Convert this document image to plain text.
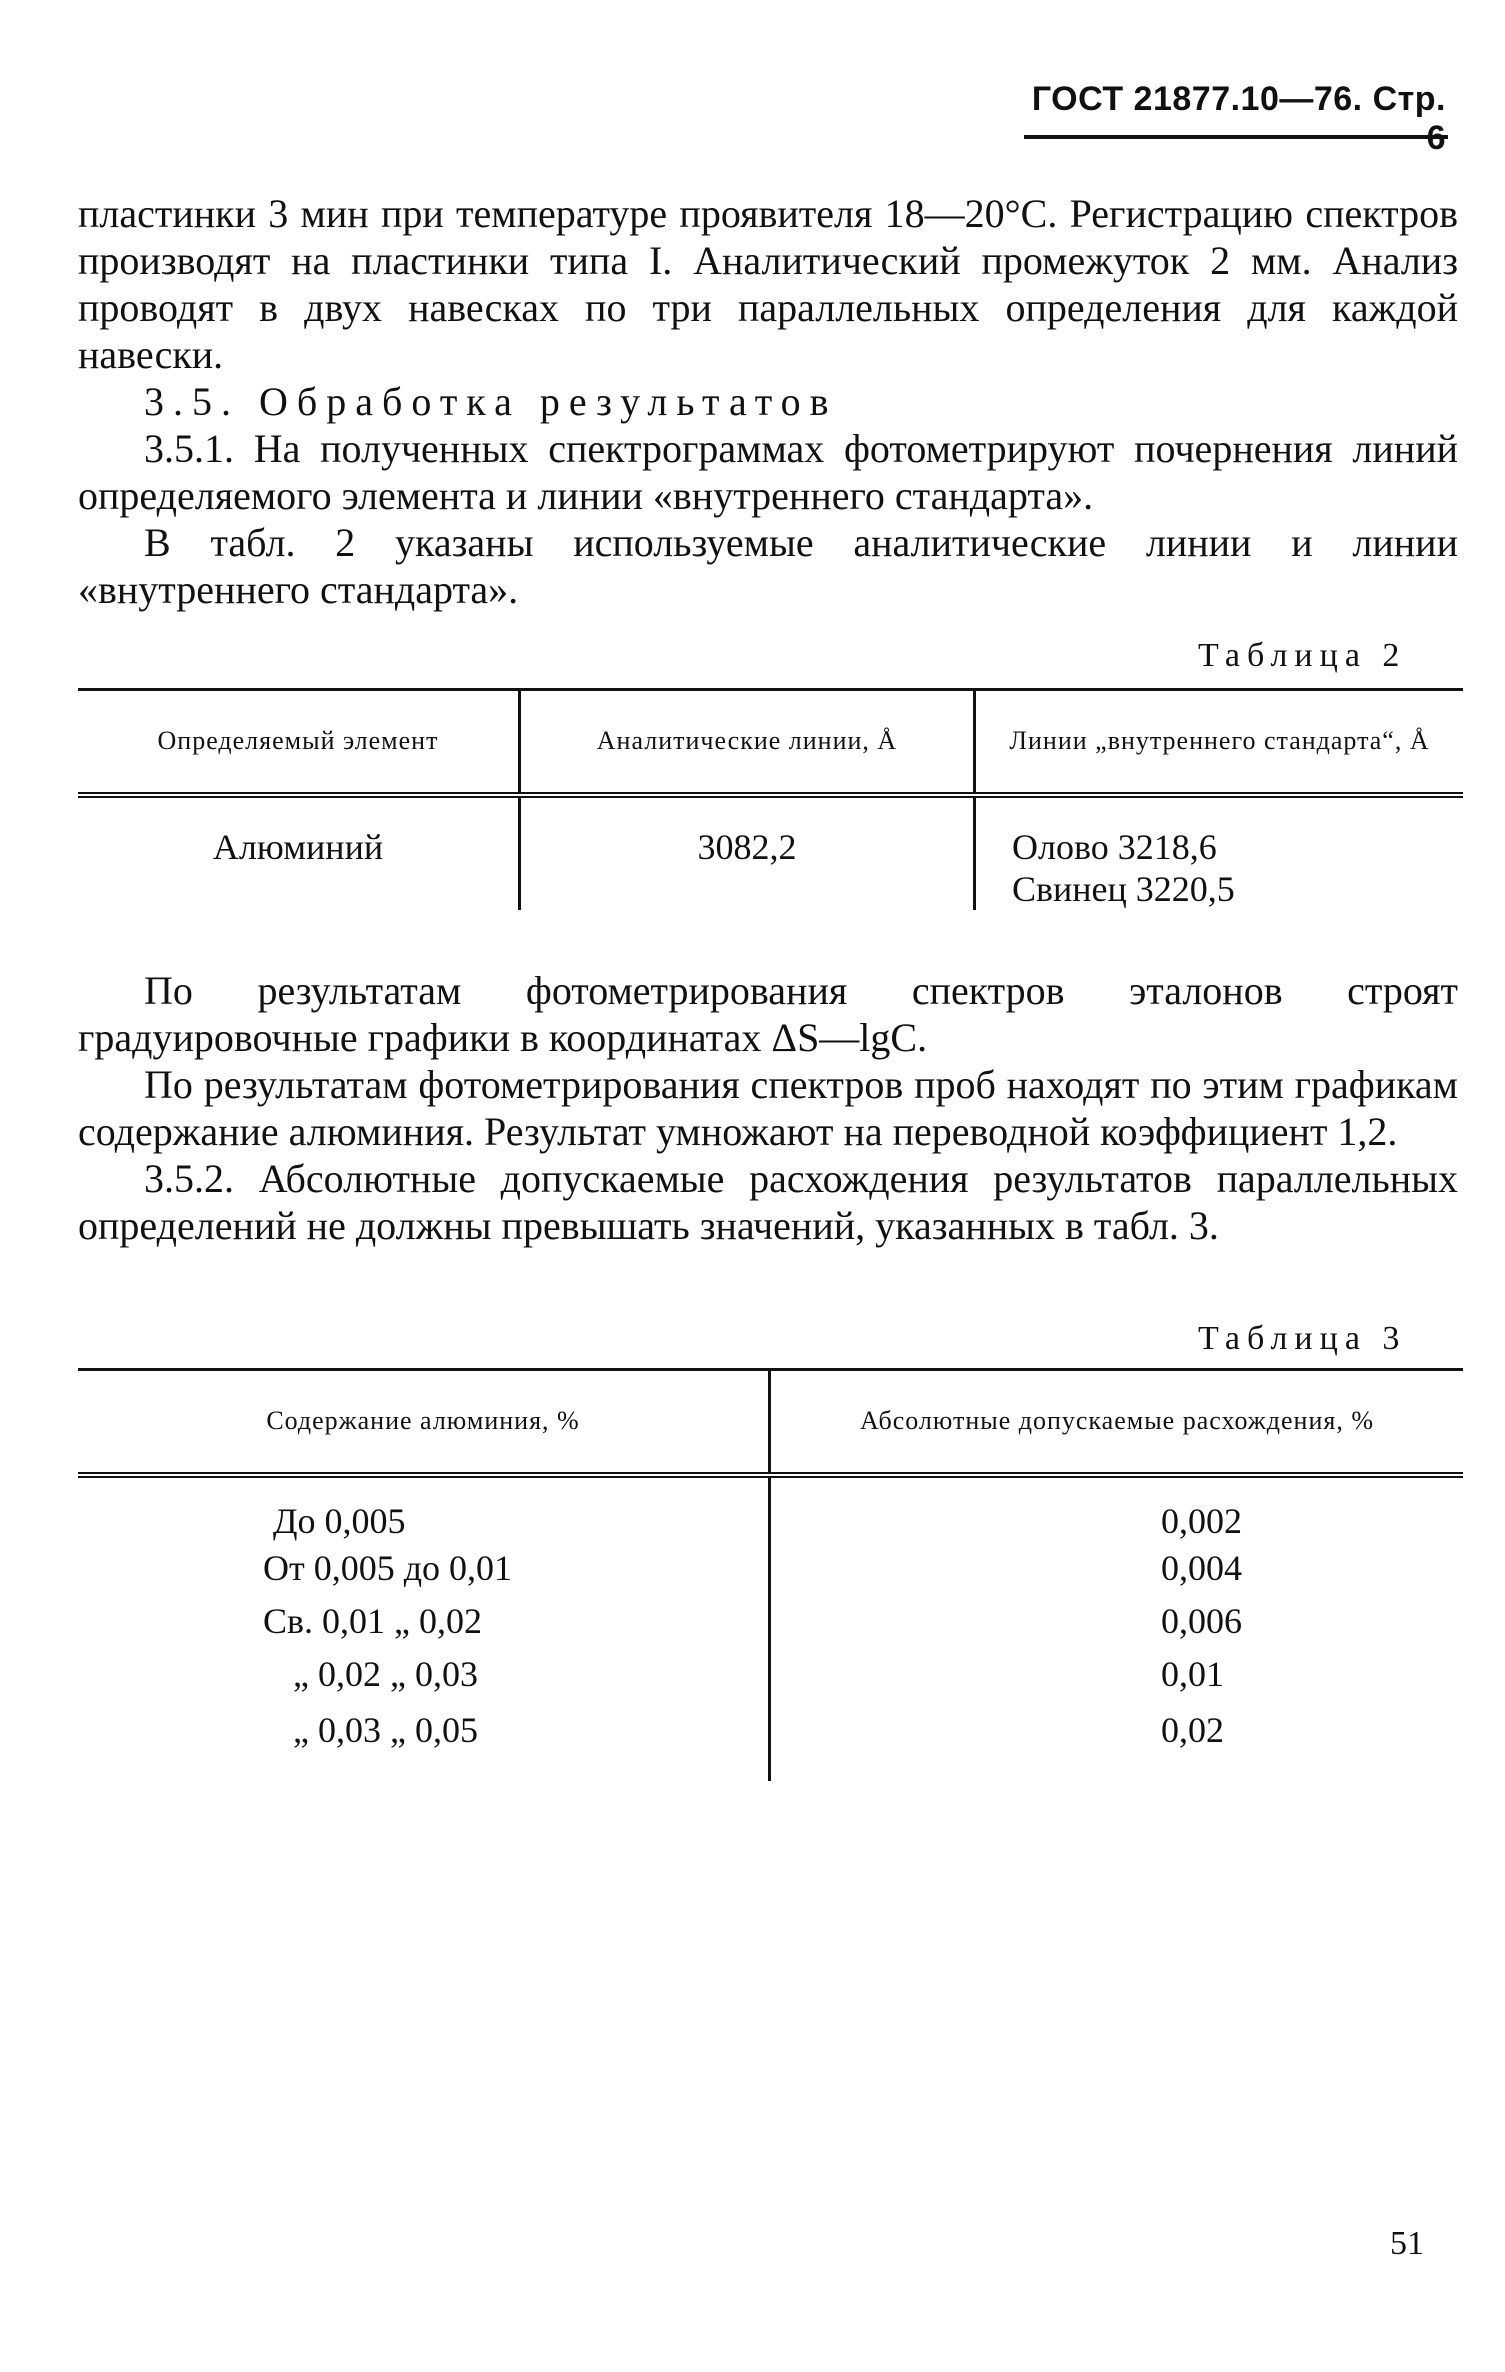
ГОСТ 21877.10—76. Стр.

пластинки 3 мин при температуре проявителя 18—20°С. Регистрацию спектров производят на пластинки типа I. Аналитический промежуток 2 мм. Анализ проводят в двух навесках по три параллельных определения для каждой навески.

3.5. Обработка результатов

3.5.1. На полученных спектрограммах фотометрируют почернения линий определяемого элемента и линии «внутреннего стандарта».

В табл. 2 указаны используемые аналитические линии и линии «внутреннего стандарта».

Таблица 2
Определяемый элемент	Аналитические линии, Å	Линии „внутреннего стандарта“, Å
Алюминий	3082,2	Олово 3218,6
Свинец 3220,5

По результатам фотометрирования спектров эталонов строят градуировочные графики в координатах ΔS—lgC.

По результатам фотометрирования спектров проб находят по этим графикам содержание алюминия. Результат умножают на переводной коэффициент 1,2.

3.5.2. Абсолютные допускаемые расхождения результатов параллельных определений не должны превышать значений, указанных в табл. 3.

Таблица 3
Содержание алюминия, %	Абсолютные допускаемые расхождения, %
До 0,005	0,002
От 0,005 до 0,01	0,004
Св. 0,01 „ 0,02	0,006
„ 0,02 „ 0,03	0,01
„ 0,03 „ 0,05	0,02
51
